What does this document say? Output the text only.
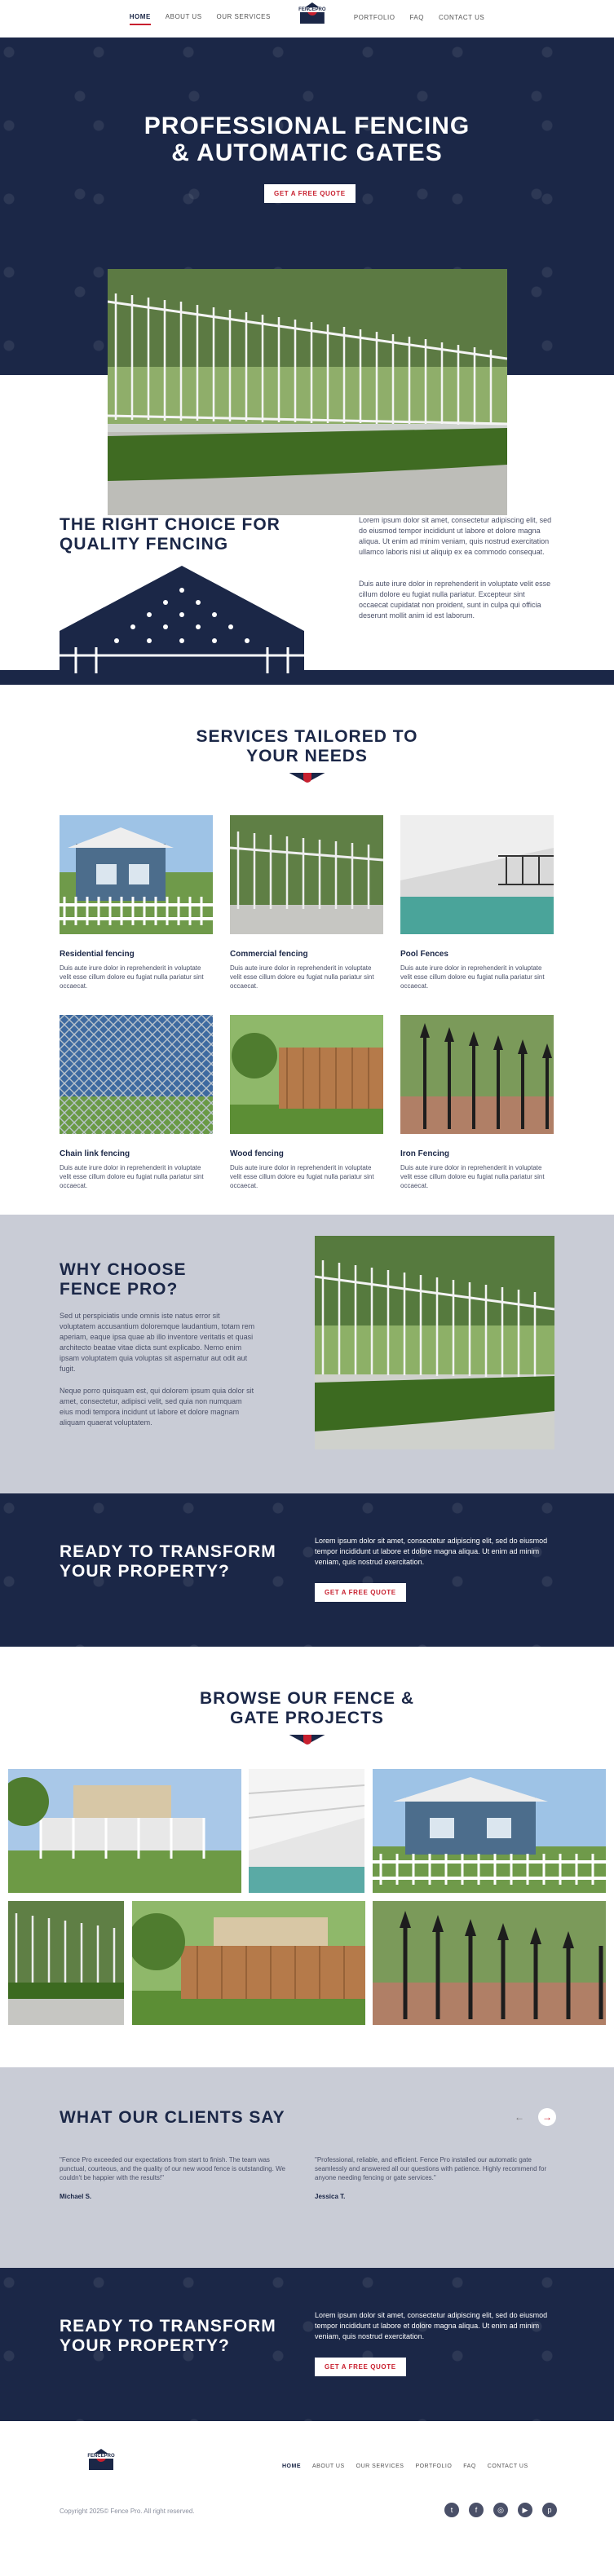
HOME ABOUT US OUR SERVICES
FENCEPRO
PORTFOLIO FAQ CONTACT US
PROFESSIONAL FENCING
& AUTOMATIC GATES
GET A FREE QUOTE
THE RIGHT CHOICE FOR
QUALITY FENCING

Lorem ipsum dolor sit amet, consectetur adipiscing elit, sed do eiusmod tempor incididunt ut labore et dolore magna aliqua. Ut enim ad minim veniam, quis nostrud exercitation ullamco laboris nisi ut aliquip ex ea commodo consequat.

Duis aute irure dolor in reprehenderit in voluptate velit esse cillum dolore eu fugiat nulla pariatur. Excepteur sint occaecat cupidatat non proident, sunt in culpa qui officia deserunt mollit anim id est laborum.

SERVICES TAILORED TO
YOUR NEEDS
Residential fencing

Duis aute irure dolor in reprehenderit in voluptate velit esse cillum dolore eu fugiat nulla pariatur sint occaecat.

Commercial fencing

Duis aute irure dolor in reprehenderit in voluptate velit esse cillum dolore eu fugiat nulla pariatur sint occaecat.

Pool Fences

Duis aute irure dolor in reprehenderit in voluptate velit esse cillum dolore eu fugiat nulla pariatur sint occaecat.

Chain link fencing

Duis aute irure dolor in reprehenderit in voluptate velit esse cillum dolore eu fugiat nulla pariatur sint occaecat.

Wood fencing

Duis aute irure dolor in reprehenderit in voluptate velit esse cillum dolore eu fugiat nulla pariatur sint occaecat.

Iron Fencing

Duis aute irure dolor in reprehenderit in voluptate velit esse cillum dolore eu fugiat nulla pariatur sint occaecat.

WHY CHOOSE
FENCE PRO?

Sed ut perspiciatis unde omnis iste natus error sit voluptatem accusantium doloremque laudantium, totam rem aperiam, eaque ipsa quae ab illo inventore veritatis et quasi architecto beatae vitae dicta sunt explicabo. Nemo enim ipsam voluptatem quia voluptas sit aspernatur aut odit aut fugit.

Neque porro quisquam est, qui dolorem ipsum quia dolor sit amet, consectetur, adipisci velit, sed quia non numquam eius modi tempora incidunt ut labore et dolore magnam aliquam quaerat voluptatem.

READY TO TRANSFORM
YOUR PROPERTY?

Lorem ipsum dolor sit amet, consectetur adipiscing elit, sed do eiusmod tempor incididunt ut labore et dolore magna aliqua. Ut enim ad minim veniam, quis nostrud exercitation.

GET A FREE QUOTE
BROWSE OUR FENCE &
GATE PROJECTS
WHAT OUR CLIENTS SAY	←	→
"Fence Pro exceeded our expectations from start to finish. The team was punctual, courteous, and the quality of our new wood fence is outstanding. We couldn't be happier with the results!"
Michael S.
"Professional, reliable, and efficient. Fence Pro installed our automatic gate seamlessly and answered all our questions with patience. Highly recommend for anyone needing fencing or gate services."
Jessica T.
READY TO TRANSFORM
YOUR PROPERTY?

Lorem ipsum dolor sit amet, consectetur adipiscing elit, sed do eiusmod tempor incididunt ut labore et dolore magna aliqua. Ut enim ad minim veniam, quis nostrud exercitation.

GET A FREE QUOTE
FENCEPRO
HOME ABOUT US OUR SERVICES PORTFOLIO FAQ CONTACT US
Copyright 2025© Fence Pro. All right reserved.	t	f	◎	▶	p
